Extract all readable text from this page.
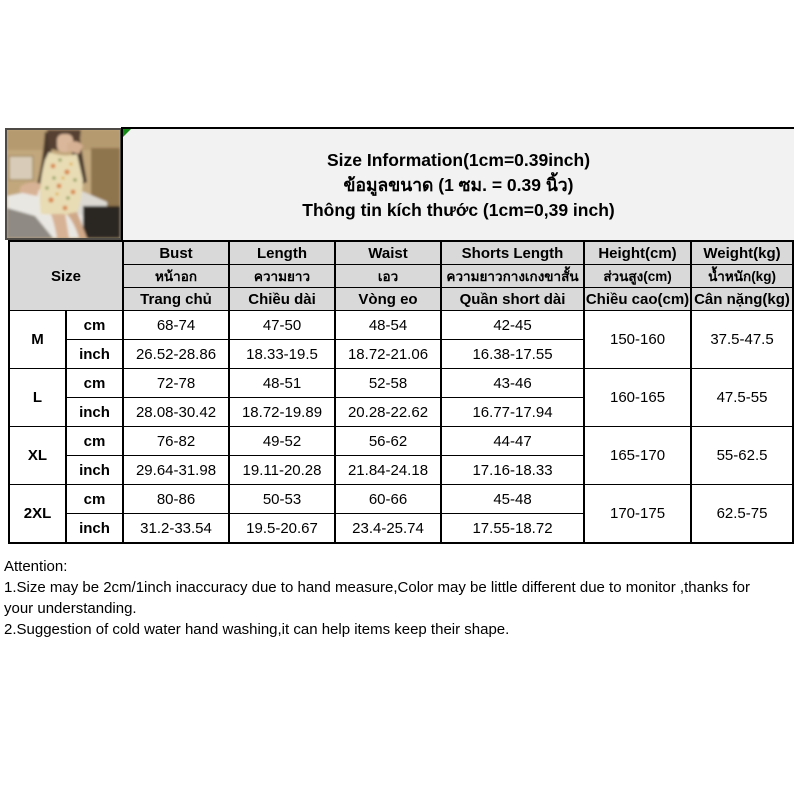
Size Information(1cm=0.39inch)
ข้อมูลขนาด (1 ซม. = 0.39 นิ้ว)
Thông tin kích thước (1cm=0,39 inch)
Size		Bust	Length	Waist	Shorts Length	Height(cm)	Weight(kg)
		หน้าอก	ความยาว	เอว	ความยาวกางเกงขาสั้น	ส่วนสูง(cm)	น้ำหนัก(kg)
		Trang chủ	Chiều dài	Vòng eo	Quần short dài	Chiều cao(cm)	Cân nặng(kg)
M	cm	68-74	47-50	48-54	42-45	150-160	37.5-47.5
	inch	26.52-28.86	18.33-19.5	18.72-21.06	16.38-17.55		
L	cm	72-78	48-51	52-58	43-46	160-165	47.5-55
	inch	28.08-30.42	18.72-19.89	20.28-22.62	16.77-17.94		
XL	cm	76-82	49-52	56-62	44-47	165-170	55-62.5
	inch	29.64-31.98	19.11-20.28	21.84-24.18	17.16-18.33		
2XL	cm	80-86	50-53	60-66	45-48	170-175	62.5-75
	inch	31.2-33.54	19.5-20.67	23.4-25.74	17.55-18.72		
Attention:
1.Size may be 2cm/1inch inaccuracy due to hand measure,Color may be little different due to monitor ,thanks for your understanding.
2.Suggestion of cold water hand washing,it can help items keep their shape.
